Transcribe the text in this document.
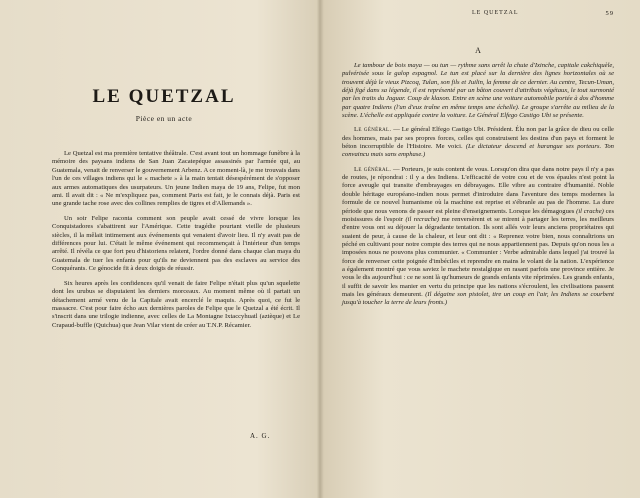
LE QUETZAL
Pièce en un acte

Le Quetzal est ma première tentative théâtrale. C'est avant tout un hommage funèbre à la mémoire des paysans indiens de San Juan Zacatepéque assassinés par l'armée qui, au Guatemala, venait de renverser le gouvernement Arbenz. A ce moment-là, je me trouvais dans l'un de ces villages indiens qui le « machete » à la main tentait désespérément de s'opposer aux armes automatiques des usurpateurs. Un jeune Indien maya de 19 ans, Felipe, fut mon ami. Il avait dit : « Ne m'expliquez pas, comment Paris est fait, je le connais déjà. Paris est une grande tache rose avec des collines remplies de tigres et d'Allemands ».

Un soir Felipe raconta comment son peuple avait cessé de vivre lorsque les Conquistadores s'abattirent sur l'Amérique. Cette tragédie pourtant vieille de plusieurs siècles, il la mêlait intimement aux événements qui venaient d'avoir lieu. Il n'y avait pas de différences pour lui. C'était le même événement qui recommençait à l'intérieur d'un temps arrêté. Il révéla ce que fort peu d'historiens relatent, l'ordre donné dans chaque clan maya du Guatemala de tuer les enfants pour qu'ils ne deviennent pas des esclaves au service des Conquérants. Ce génocide fit à deux doigts de réussir.

Six heures après les confidences qu'il venait de faire Felipe n'était plus qu'un squelette dont les urubus se disputaient les derniers morceaux. Au moment même où il partait un détachement armé venu de la Capitale avait encerclé le maquis. Après quoi, ce fut le massacre. C'est pour faire écho aux dernières paroles de Felipe que le Quetzal a été écrit. Il s'inscrit dans une trilogie indienne, avec celles de La Montagne Ixtaccyhuatl (aztèque) et Le Crapaud-buffle (Quichua) que Jean Vilar vient de créer au T.N.P. Récamier.

A. G.
LE QUETZAL	59
A

Le tambour de bois maya — ou tun — rythme sans arrêt la chute d'Ixinche, capitale cakchiquèle, pulvérisée sous le galop espagnol. Le tun est placé sur la dernière des lignes horizontales où se trouvent déjà le vieux Pizcoq, Tulan, son fils et Juilin, la femme de ce dernier. Au centre, Tecun-Uman, déjà figé dans sa légende, il est représenté par un bâton couvert d'attributs végétaux, le tout surmonté par les traits du Jaguar. Coup de klaxon. Entre en scène une voiture automobile portée à dos d'homme par quatre Indiens (l'un d'eux traîne en même temps une échelle). Le groupe s'arrête au milieu de la scène. L'échelle est appliquée contre la voiture. Le Général Elfego Castigo Ubi se présente.

Le général. — Le général Elfego Castigo Ubi. Président. Élu non par la grâce de dieu ou celle des hommes, mais par ses propres forces, celles qui construisent les destins d'un pays et forment le béton incorruptible de l'Histoire. Me voici. (Le dictateur descend et harangue ses porteurs. Ton convaincu mais sans emphase.)

Le général. — Porteurs, je suis content de vous. Lorsqu'on dira que dans notre pays il n'y a pas de routes, je répondrai : il y a des Indiens. L'efficacité de votre cou et de vos épaules n'est point la force aveugle qui transite d'embrayages en débrayages. Elle vibre au contraire d'humanité. Noble double héritage européano-indien nous permet d'introduire dans l'aventure des temps modernes la formule de ce nouvel humanisme où la machine est reprise et s'ébranle au pas de l'homme. La dure période que nous venons de passer est pleine d'enseignements. Lorsque les démagogues (il crache) ces moisissures de l'espoir (il recrache) me renversèrent et se mirent à partager les terres, les meilleurs d'entre vous ont su déjouer la dégradante tentation. Ils sont allés voir leurs anciens propriétaires qui suaient de peur, à cause de la chaleur, et leur ont dit : « Reprenez votre bien, nous connaîtrions un péché en cultivant pour notre compte des terres qui ne nous appartiennent pas. Depuis qu'on nous les a imposées nous ne pouvons plus communier. « Communier : Verbe admirable dans lequel j'ai trouvé la force de renverser cette poignée d'imbéciles et reprendre en mains le volant de la nation. L'expérience a également montré que vous saviez le machete nostalgique en rasant parfois une province entière. Je vous le dis aujourd'hui : ce ne sont là qu'humeurs de grands enfants vite réprimées. Les grands enfants, il suffit de savoir les manier en vertu du principe que les nations s'écroulent, les civilisations passent mais les généraux demeurent. (Il dégaine son pistolet, tire un coup en l'air, les Indiens se courbent jusqu'à toucher la terre de leurs fronts.)
